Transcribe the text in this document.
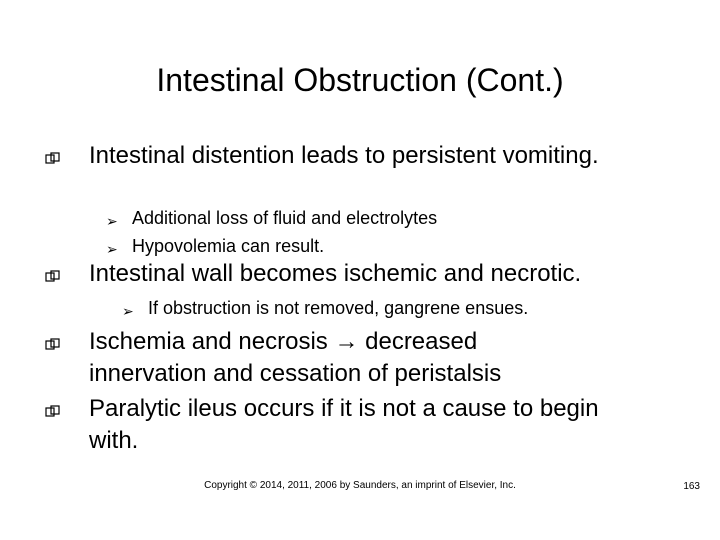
Intestinal Obstruction (Cont.)
Intestinal distention leads to persistent vomiting.
➢ Additional loss of fluid and electrolytes
➢ Hypovolemia can result.
Intestinal wall becomes ischemic and necrotic.
➢ If obstruction is not removed, gangrene ensues.
Ischemia and necrosis → decreased innervation and cessation of peristalsis
Paralytic ileus occurs if it is not a cause to begin with.
Copyright © 2014, 2011, 2006 by Saunders, an imprint of Elsevier, Inc.	163
